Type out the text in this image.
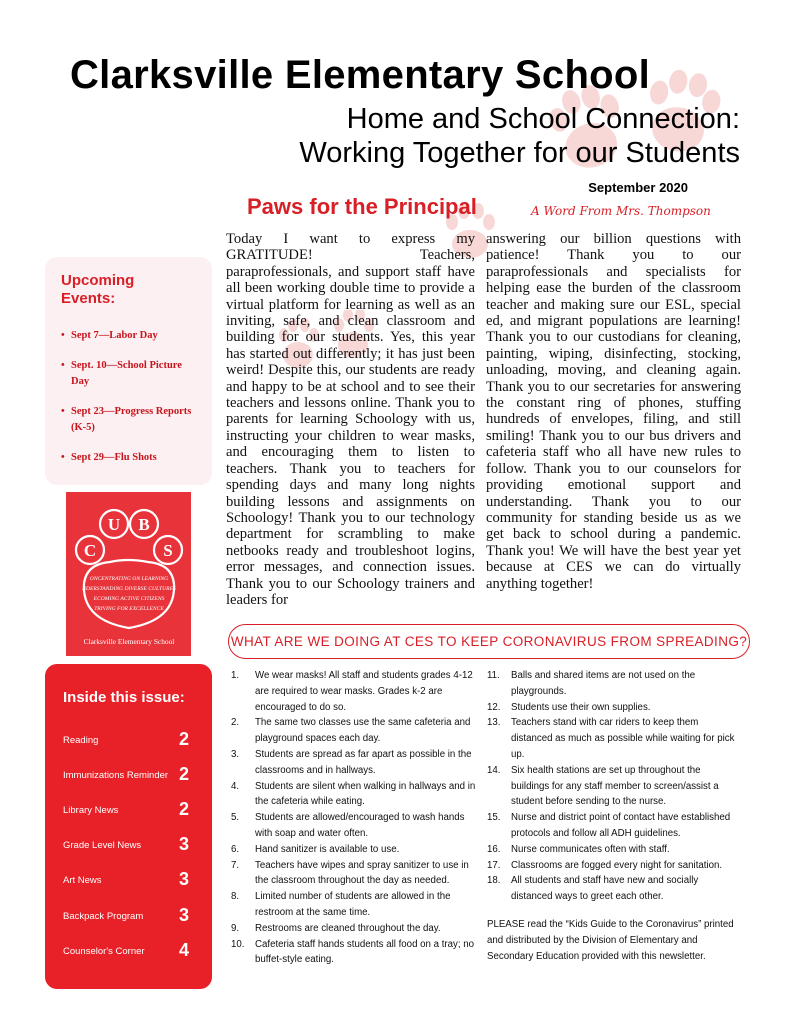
Clarksville Elementary School
Home and School Connection:
Working Together for our Students
September 2020
Paws for the Principal	A Word From Mrs. Thompson
Today I want to express my GRATITUDE! Teachers, paraprofessionals, and support staff have all been working double time to provide a virtual platform for learning as well as an inviting, safe, and clean classroom and building for our students. Yes, this year has started out differently; it has just been weird! Despite this, our students are ready and happy to be at school and to see their teachers and lessons online. Thank you to parents for learning Schoology with us, instructing your children to wear masks, and encouraging them to listen to teachers. Thank you to teachers for spending days and many long nights building lessons and assignments on Schoology! Thank you to our technology department for scrambling to make netbooks ready and troubleshoot logins, error messages, and connection issues. Thank you to our Schoology trainers and leaders for
answering our billion questions with patience! Thank you to our paraprofessionals and specialists for helping ease the burden of the classroom teacher and making sure our ESL, special ed, and migrant populations are learning! Thank you to our custodians for cleaning, painting, wiping, disinfecting, stocking, unloading, moving, and cleaning again. Thank you to our secretaries for answering the constant ring of phones, stuffing hundreds of envelopes, filing, and still smiling! Thank you to our bus drivers and cafeteria staff who all have new rules to follow. Thank you to our counselors for providing emotional support and understanding. Thank you to our community for standing beside us as we get back to school during a pandemic. Thank you! We will have the best year yet because at CES we can do virtually anything together!
Upcoming
Events:
• Sept 7—Labor Day
• Sept. 10—School Picture Day
• Sept 23—Progress Reports (K-5)
• Sept 29—Flu Shots
C
U B
S
ONCENTRATING ON LEARNING
NDERSTANDING DIVERSE CULTURES
ECOMING ACTIVE CITIZENS
TRIVING FOR EXCELLENCE
Clarksville Elementary School
Inside this issue:
Reading	2
Immunizations Reminder 2
Library News	2
Grade Level News 3
Art News	3
Backpack Program 3
Counselor's Corner 4
WHAT ARE WE DOING AT CES TO KEEP CORONAVIRUS FROM SPREADING?
1. We wear masks! All staff and students grades 4-12 are required to wear masks. Grades k-2 are encouraged to do so.
2. The same two classes use the same cafeteria and playground spaces each day.
3. Students are spread as far apart as possible in the classrooms and in hallways.
4. Students are silent when walking in hallways and in the cafeteria while eating.
5. Students are allowed/encouraged to wash hands with soap and water often.
6. Hand sanitizer is available to use.
7. Teachers have wipes and spray sanitizer to use in the classroom throughout the day as needed.
8. Limited number of students are allowed in the restroom at the same time.
9. Restrooms are cleaned throughout the day.
10. Cafeteria staff hands students all food on a tray; no buffet-style eating.
11. Balls and shared items are not used on the playgrounds.
12. Students use their own supplies.
13. Teachers stand with car riders to keep them distanced as much as possible while waiting for pick up.
14. Six health stations are set up throughout the buildings for any staff member to screen/assist a student before sending to the nurse.
15. Nurse and district point of contact have established protocols and follow all ADH guidelines.
16. Nurse communicates often with staff.
17. Classrooms are fogged every night for sanitation.
18. All students and staff have new and socially distanced ways to greet each other.
PLEASE read the “Kids Guide to the Coronavirus” printed and distributed by the Division of Elementary and Secondary Education provided with this newsletter.
